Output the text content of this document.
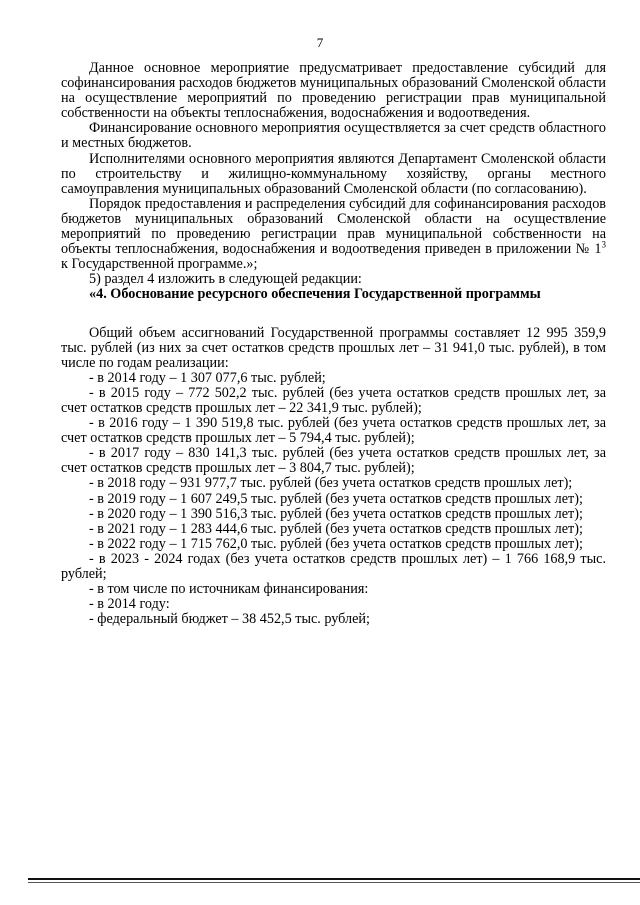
7

Данное основное мероприятие предусматривает предоставление субсидий для софинансирования расходов бюджетов муниципальных образований Смоленской области на осуществление мероприятий по проведению регистрации прав муниципальной собственности на объекты теплоснабжения, водоснабжения и водоотведения.

Финансирование основного мероприятия осуществляется за счет средств областного и местных бюджетов.

Исполнителями основного мероприятия являются Департамент Смоленской области по строительству и жилищно-коммунальному хозяйству, органы местного самоуправления муниципальных образований Смоленской области (по согласованию).

Порядок предоставления и распределения субсидий для софинансирования расходов бюджетов муниципальных образований Смоленской области на осуществление мероприятий по проведению регистрации прав муниципальной собственности на объекты теплоснабжения, водоснабжения и водоотведения приведен в приложении № $1^3$ к Государственной программе.»;

5) раздел 4 изложить в следующей редакции:

«4. Обоснование ресурсного обеспечения Государственной программы

Общий объем ассигнований Государственной программы составляет 12 995 359,9 тыс. рублей (из них за счет остатков средств прошлых лет – 31 941,0 тыс. рублей), в том числе по годам реализации:

- в 2014 году – 1 307 077,6 тыс. рублей;

- в 2015 году – 772 502,2 тыс. рублей (без учета остатков средств прошлых лет, за счет остатков средств прошлых лет – 22 341,9 тыс. рублей);

- в 2016 году – 1 390 519,8 тыс. рублей (без учета остатков средств прошлых лет, за счет остатков средств прошлых лет – 5 794,4 тыс. рублей);

- в 2017 году – 830 141,3 тыс. рублей (без учета остатков средств прошлых лет, за счет остатков средств прошлых лет – 3 804,7 тыс. рублей);

- в 2018 году – 931 977,7 тыс. рублей (без учета остатков средств прошлых лет);

- в 2019 году – 1 607 249,5 тыс. рублей (без учета остатков средств прошлых лет);

- в 2020 году – 1 390 516,3 тыс. рублей (без учета остатков средств прошлых лет);

- в 2021 году – 1 283 444,6 тыс. рублей (без учета остатков средств прошлых лет);

- в 2022 году – 1 715 762,0 тыс. рублей (без учета остатков средств прошлых лет);

- в 2023 - 2024 годах (без учета остатков средств прошлых лет) – 1 766 168,9 тыс. рублей;

- в том числе по источникам финансирования:

- в 2014 году:

- федеральный бюджет – 38 452,5 тыс. рублей;
